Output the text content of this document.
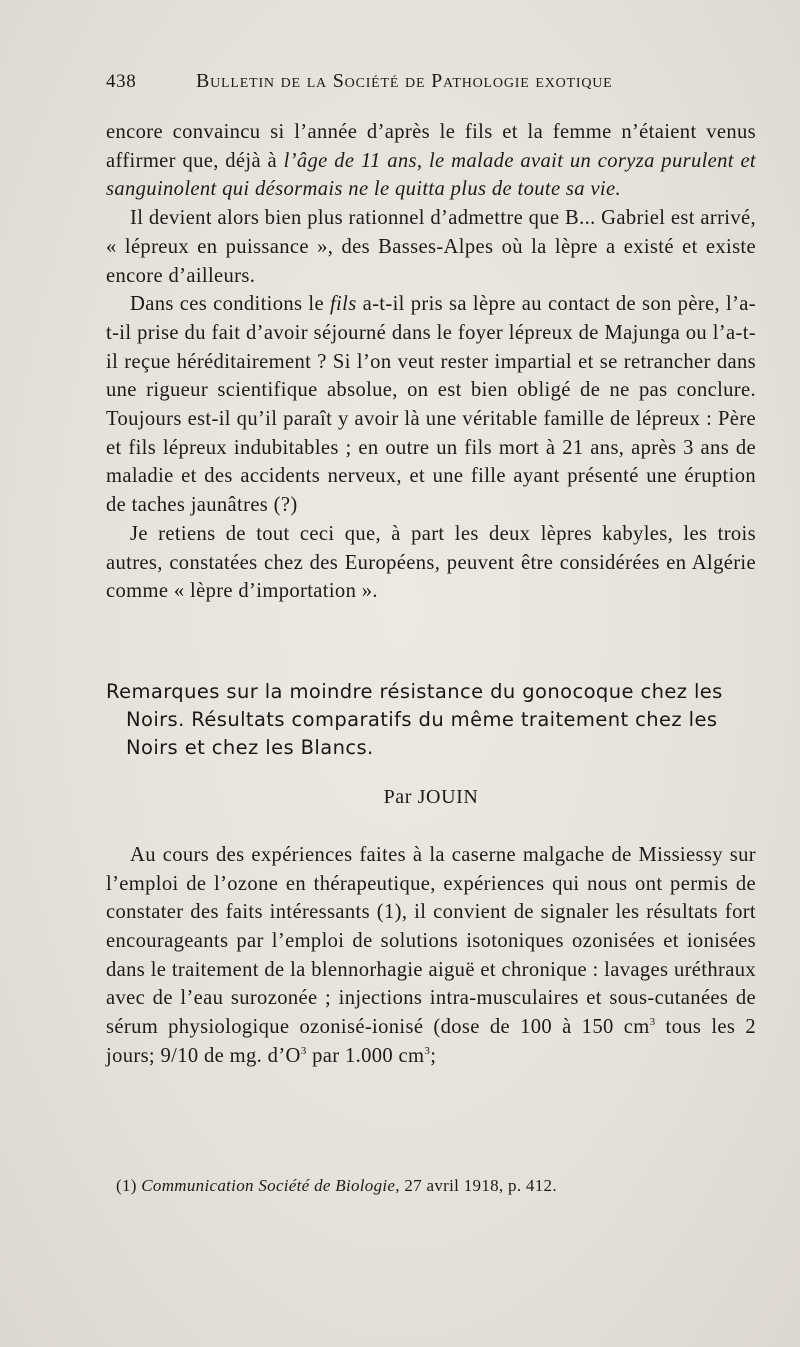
438	Bulletin de la Société de Pathologie exotique

encore convaincu si l’année d’après le fils et la femme n’étaient venus affirmer que, déjà à l’âge de 11 ans, le malade avait un coryza purulent et sanguinolent qui désormais ne le quitta plus de toute sa vie.

Il devient alors bien plus rationnel d’admettre que B... Gabriel est arrivé, « lépreux en puissance », des Basses-Alpes où la lèpre a existé et existe encore d’ailleurs.

Dans ces conditions le fils a-t-il pris sa lèpre au contact de son père, l’a-t-il prise du fait d’avoir séjourné dans le foyer lépreux de Majunga ou l’a-t-il reçue héréditairement ? Si l’on veut rester impartial et se retrancher dans une rigueur scientifique absolue, on est bien obligé de ne pas conclure. Toujours est-il qu’il paraît y avoir là une véritable famille de lépreux : Père et fils lépreux indubitables ; en outre un fils mort à 21 ans, après 3 ans de maladie et des accidents nerveux, et une fille ayant présenté une éruption de taches jaunâtres (?)

Je retiens de tout ceci que, à part les deux lèpres kabyles, les trois autres, constatées chez des Européens, peuvent être considérées en Algérie comme « lèpre d’importation ».

Remarques sur la moindre résistance du gonocoque chez les
Noirs. Résultats comparatifs du même traitement chez les
Noirs et chez les Blancs.
Par JOUIN

Au cours des expériences faites à la caserne malgache de Missiessy sur l’emploi de l’ozone en thérapeutique, expériences qui nous ont permis de constater des faits intéressants (1), il convient de signaler les résultats fort encourageants par l’emploi de solutions isotoniques ozonisées et ionisées dans le traitement de la blennorhagie aiguë et chronique : lavages uréthraux avec de l’eau surozonée ; injections intra-musculaires et sous-cutanées de sérum physiologique ozonisé-ionisé (dose de 100 à 150 $cm^3$ tous les 2 jours; 9/10 de mg. $d’O^3$ par 1.000 $cm^3$;

(1) Communication Société de Biologie, 27 avril 1918, p. 412.
